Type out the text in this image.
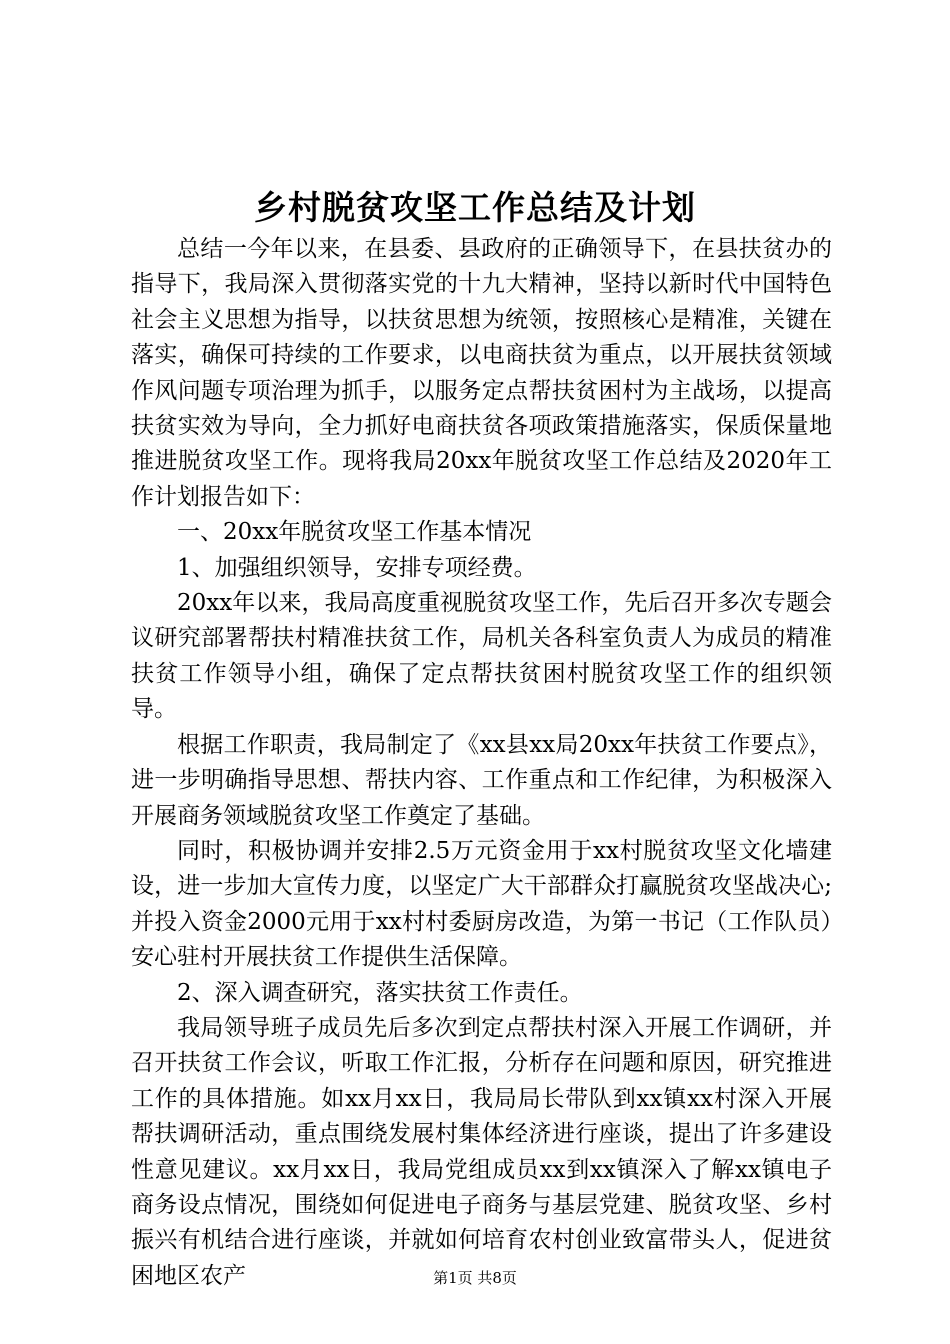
乡村脱贫攻坚工作总结及计划

总结一今年以来，在县委、县政府的正确领导下，在县扶贫办的指导下，我局深入贯彻落实党的十九大精神，坚持以新时代中国特色社会主义思想为指导，以扶贫思想为统领，按照核心是精准，关键在落实，确保可持续的工作要求，以电商扶贫为重点，以开展扶贫领域作风问题专项治理为抓手，以服务定点帮扶贫困村为主战场，以提高扶贫实效为导向，全力抓好电商扶贫各项政策措施落实，保质保量地推进脱贫攻坚工作。现将我局20xx年脱贫攻坚工作总结及2020年工作计划报告如下：

一、20xx年脱贫攻坚工作基本情况

1、加强组织领导，安排专项经费。

20xx年以来，我局高度重视脱贫攻坚工作，先后召开多次专题会议研究部署帮扶村精准扶贫工作，局机关各科室负责人为成员的精准扶贫工作领导小组，确保了定点帮扶贫困村脱贫攻坚工作的组织领导。

根据工作职责，我局制定了《xx县xx局20xx年扶贫工作要点》，进一步明确指导思想、帮扶内容、工作重点和工作纪律，为积极深入开展商务领域脱贫攻坚工作奠定了基础。

同时，积极协调并安排2.5万元资金用于xx村脱贫攻坚文化墙建设，进一步加大宣传力度，以坚定广大干部群众打赢脱贫攻坚战决心;并投入资金2000元用于xx村村委厨房改造，为第一书记（工作队员）安心驻村开展扶贫工作提供生活保障。

2、深入调查研究，落实扶贫工作责任。

我局领导班子成员先后多次到定点帮扶村深入开展工作调研，并召开扶贫工作会议，听取工作汇报，分析存在问题和原因，研究推进工作的具体措施。如xx月xx日，我局局长带队到xx镇xx村深入开展帮扶调研活动，重点围绕发展村集体经济进行座谈，提出了许多建设性意见建议。xx月xx日，我局党组成员xx到xx镇深入了解xx镇电子商务设点情况，围绕如何促进电子商务与基层党建、脱贫攻坚、乡村振兴有机结合进行座谈，并就如何培育农村创业致富带头人，促进贫困地区农产	第1页 共8页
